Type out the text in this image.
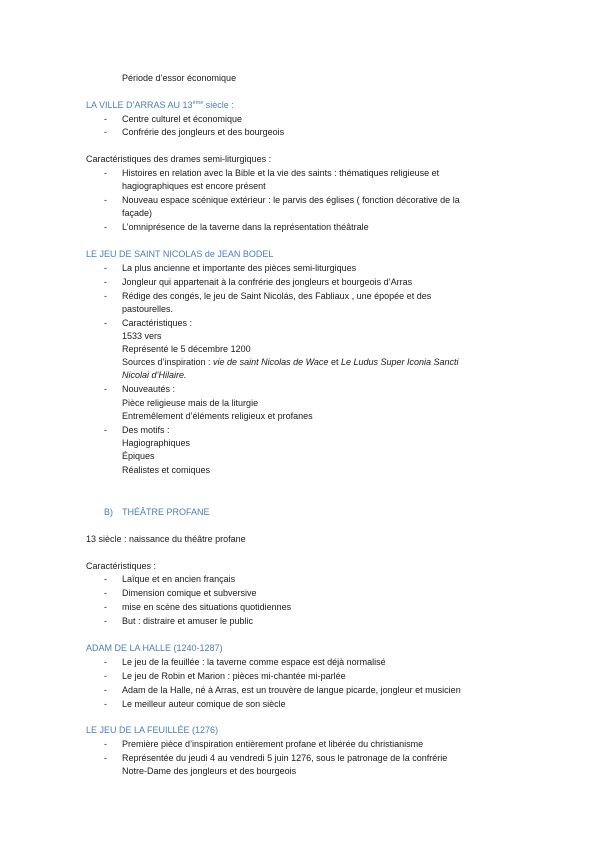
Période d’essor économique
LA VILLE D’ARRAS AU 13ème siècle :
- Centre culturel et économique
- Confrérie des jongleurs et des bourgeois
Caractéristiques des drames semi-liturgiques :
- Histoires en relation avec la Bible et la vie des saints : thématiques religieuse et
hagiographiques est encore présent
- Nouveau espace scénique extérieur : le parvis des églises ( fonction décorative de la
façade)
- L’omniprésence de la taverne dans la représentation théâtrale
LE JEU DE SAINT NICOLAS de JEAN BODEL
- La plus ancienne et importante des pièces semi-liturgiques
- Jongleur qui appartenait à la confrérie des jongleurs et bourgeois d’Arras
- Rédige des congés, le jeu de Saint Nicolás, des Fabliaux , une épopée et des
pastourelles.
- Caractéristiques :
1533 vers
Représenté le 5 décembre 1200
Sources d’inspiration : vie de saint Nicolas de Wace et Le Ludus Super Iconia Sancti
Nicolai d’Hilaire.
- Nouveautés :
Pièce religieuse mais de la liturgie
Entremêlement d’éléments religieux et profanes
- Des motifs :
Hagiographiques
Épiques
Réalistes et comiques
B) THÉÂTRE PROFANE
13 siècle : naissance du théâtre profane
Caractéristiques :
- Laïque et en ancien français
- Dimension comique et subversive
- mise en scène des situations quotidiennes
- But : distraire et amuser le public
ADAM DE LA HALLE (1240-1287)
- Le jeu de la feuillée : la taverne comme espace est déjà normalisé
- Le jeu de Robin et Marion : pièces mi-chantée mi-parlée
- Adam de la Halle, né à Arras, est un trouvère de langue picarde, jongleur et musicien
- Le meilleur auteur comique de son siècle
LE JEU DE LA FEUILLÉE (1276)
- Première pièce d’inspiration entièrement profane et libérée du christianisme
- Représentée du jeudi 4 au vendredi 5 juin 1276, sous le patronage de la confrérie
Notre-Dame des jongleurs et des bourgeois
